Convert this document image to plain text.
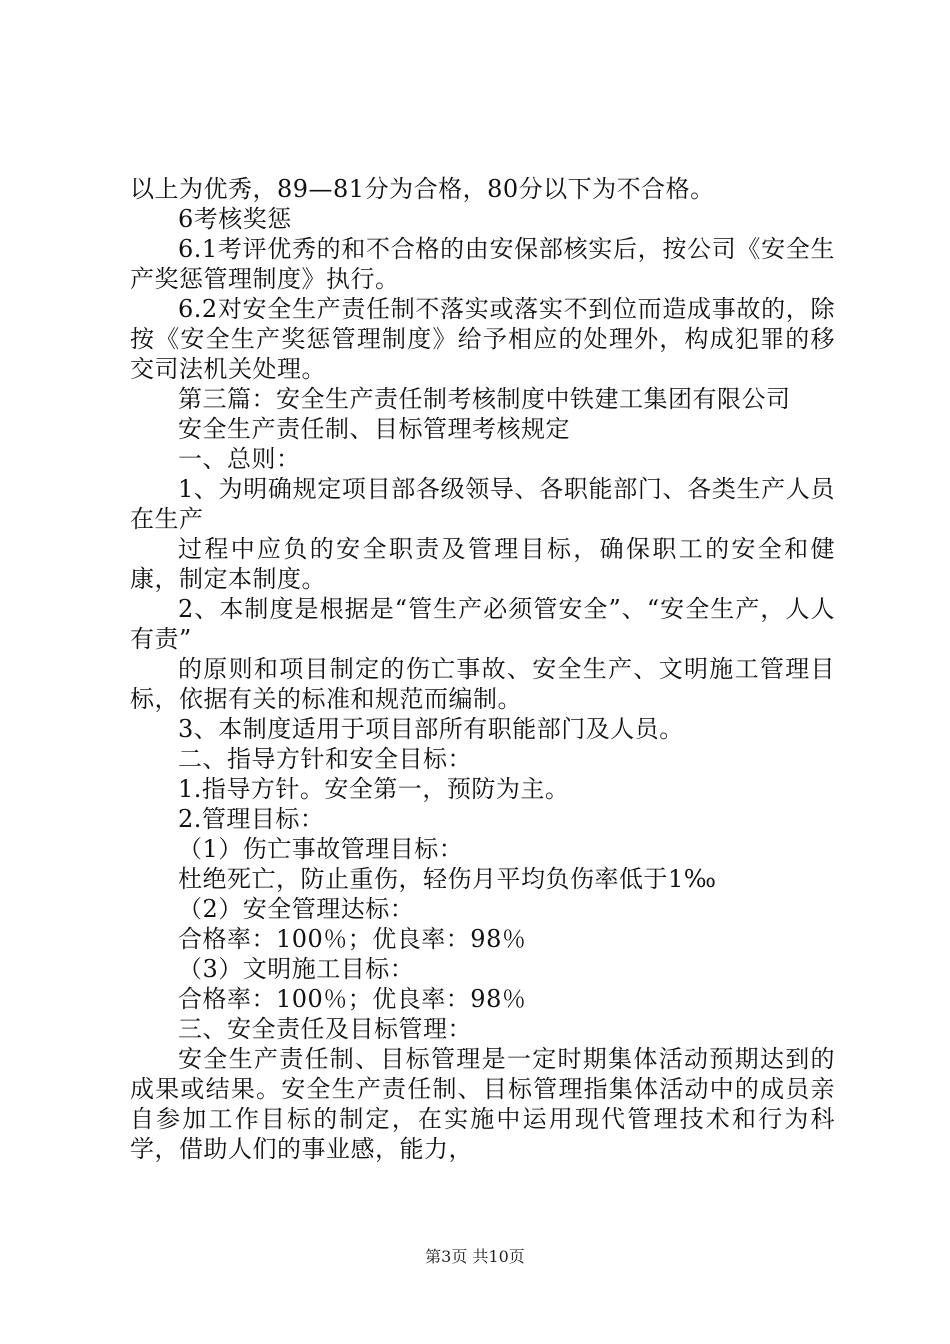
以上为优秀，89—81分为合格，80分以下为不合格。

6考核奖惩

6.1考评优秀的和不合格的由安保部核实后，按公司《安全生产奖惩管理制度》执行。

6.2对安全生产责任制不落实或落实不到位而造成事故的，除按《安全生产奖惩管理制度》给予相应的处理外，构成犯罪的移交司法机关处理。

第三篇：安全生产责任制考核制度中铁建工集团有限公司

安全生产责任制、目标管理考核规定

一、总则：

1、为明确规定项目部各级领导、各职能部门、各类生产人员在生产

过程中应负的安全职责及管理目标，确保职工的安全和健康，制定本制度。

2、本制度是根据是“管生产必须管安全”、“安全生产，人人有责”

的原则和项目制定的伤亡事故、安全生产、文明施工管理目标，依据有关的标准和规范而编制。

3、本制度适用于项目部所有职能部门及人员。

二、指导方针和安全目标：

1.指导方针。安全第一，预防为主。

2.管理目标：

（1）伤亡事故管理目标：

杜绝死亡，防止重伤，轻伤月平均负伤率低于1‰

（2）安全管理达标：

合格率：100％；优良率：98％

（3）文明施工目标：

合格率：100％；优良率：98％

三、安全责任及目标管理：

安全生产责任制、目标管理是一定时期集体活动预期达到的成果或结果。安全生产责任制、目标管理指集体活动中的成员亲自参加工作目标的制定，在实施中运用现代管理技术和行为科学，借助人们的事业感，能力，

第3页 共10页
